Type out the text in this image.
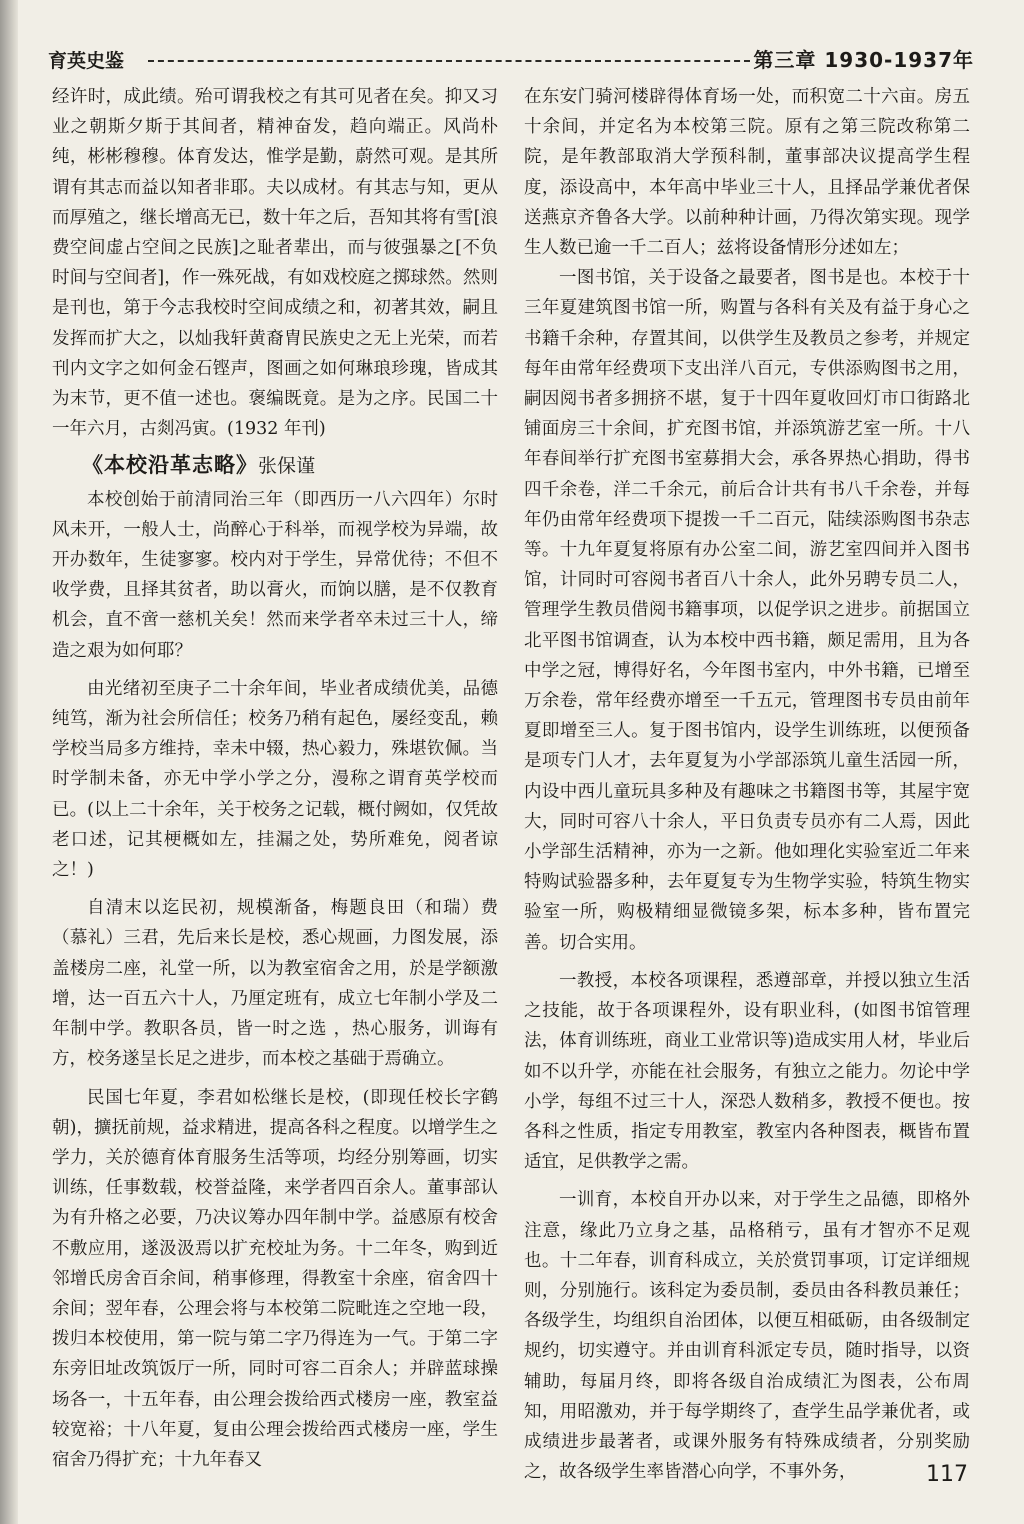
育英史鉴	第三章 1930-1937年

经许时，成此绩。殆可谓我校之有其可见者在矣。抑又习业之朝斯夕斯于其间者，精神奋发，趋向端正。风尚朴纯，彬彬穆穆。体育发达，惟学是勤，蔚然可观。是其所谓有其志而益以知者非耶。夫以成材。有其志与知，更从而厚殖之，继长增高无已，数十年之后，吾知其将有雪[浪费空间虚占空间之民族]之耻者辈出，而与彼强暴之[不负时间与空间者]，作一殊死战，有如戏校庭之掷球然。然则是刊也，第于今志我校时空间成绩之和，初著其效，嗣且发挥而扩大之，以灿我轩黄裔胄民族史之无上光荣，而若刊内文字之如何金石铿声，图画之如何琳琅珍瑰，皆成其为末节，更不值一述也。褒编既竟。是为之序。民国二十一年六月，古剡冯寅。(1932 年刊)

《本校沿革志略》张保谨

本校创始于前清同治三年（即西历一八六四年）尔时风未开，一般人士，尚醉心于科举，而视学校为异端，故开办数年，生徒寥寥。校内对于学生，异常优待；不但不收学费，且择其贫者，助以膏火，而饷以膳，是不仅教育机会，直不啻一慈机关矣！然而来学者卒未过三十人，缔造之艰为如何耶？

由光绪初至庚子二十余年间，毕业者成绩优美，品德纯笃，渐为社会所信任；校务乃稍有起色，屡经变乱，赖学校当局多方维持，幸未中辍，热心毅力，殊堪钦佩。当时学制未备，亦无中学小学之分，漫称之谓育英学校而已。(以上二十余年，关于校务之记载，概付阙如，仅凭故老口述，记其梗概如左，挂漏之处，势所难免，阅者谅之！)

自清末以迄民初，规模渐备，梅题良田（和瑞）费（慕礼）三君，先后来长是校，悉心规画，力图发展，添盖楼房二座，礼堂一所，以为教室宿舍之用，於是学额激增，达一百五六十人，乃厘定班有，成立七年制小学及二年制中学。教职各员，皆一时之选 ，热心服务，训诲有方，校务遂呈长足之进步，而本校之基础于焉确立。

民国七年夏，李君如松继长是校，(即现任校长字鹤朝)，擴抚前规，益求精进，提高各科之程度。以增学生之学力，关於德育体育服务生活等项，均经分别筹画，切实训练，任事数载，校誉益隆，来学者四百余人。董事部认为有升格之必要，乃决议筹办四年制中学。益感原有校舍不敷应用，遂汲汲焉以扩充校址为务。十二年冬，购到近邻增氏房舍百余间，稍事修理，得教室十余座，宿舍四十余间；翌年春，公理会将与本校第二院毗连之空地一段，拨归本校使用，第一院与第二字乃得连为一气。于第二字东旁旧址改筑饭厅一所，同时可容二百余人；并辟蓝球操场各一，十五年春，由公理会拨给西式楼房一座，教室益较宽裕；十八年夏，复由公理会拨给西式楼房一座，学生宿舍乃得扩充；十九年春又

在东安门骑河楼辟得体育场一处，而积宽二十六亩。房五十余间，并定名为本校第三院。原有之第三院改称第二院，是年教部取消大学预科制，董事部决议提高学生程度，添设高中，本年高中毕业三十人，且择品学兼优者保送燕京齐鲁各大学。以前种种计画，乃得次第实现。现学生人数已逾一千二百人；兹将设备情形分述如左；

一图书馆，关于设备之最要者，图书是也。本校于十三年夏建筑图书馆一所，购置与各科有关及有益于身心之书籍千余种，存置其间，以供学生及教员之参考，并规定每年由常年经费项下支出洋八百元，专供添购图书之用，嗣因阅书者多拥挤不堪，复于十四年夏收回灯市口街路北铺面房三十余间，扩充图书馆，并添筑游艺室一所。十八年春间举行扩充图书室募捐大会，承各界热心捐助，得书四千余卷，洋二千余元，前后合计共有书八千余卷，并每年仍由常年经费项下提拨一千二百元，陆续添购图书杂志等。十九年夏复将原有办公室二间，游艺室四间并入图书馆，计同时可容阅书者百八十余人，此外另聘专员二人，管理学生教员借阅书籍事项，以促学识之进步。前据国立北平图书馆调查，认为本校中西书籍，颇足需用，且为各中学之冠，博得好名，今年图书室内，中外书籍，已增至万余卷，常年经费亦增至一千五元，管理图书专员由前年夏即增至三人。复于图书馆内，设学生训练班，以便预备是项专门人才，去年夏复为小学部添筑儿童生活园一所，内设中西儿童玩具多种及有趣味之书籍图书等，其屋宇宽大，同时可容八十余人，平日负责专员亦有二人焉，因此小学部生活精神，亦为一之新。他如理化实验室近二年来特购试验器多种，去年夏复专为生物学实验，特筑生物实验室一所，购极精细显微镜多架，标本多种，皆布置完善。切合实用。

一教授，本校各项课程，悉遵部章，并授以独立生活之技能，故于各项课程外，设有职业科，(如图书馆管理法，体育训练班，商业工业常识等)造成实用人材，毕业后如不以升学，亦能在社会服务，有独立之能力。勿论中学小学，每组不过三十人，深恐人数稍多，教授不便也。按各科之性质，指定专用教室，教室内各种图表，概皆布置适宜，足供教学之需。

一训育，本校自开办以来，对于学生之品德，即格外注意，缘此乃立身之基，品格稍亏，虽有才智亦不足观也。十二年春，训育科成立，关於赏罚事项，订定详细规则，分别施行。该科定为委员制，委员由各科教员兼任；各级学生，均组织自治团体，以便互相砥砺，由各级制定规约，切实遵守。并由训育科派定专员，随时指导，以资辅助，每届月终，即将各级自治成绩汇为图表，公布周知，用昭激劝，并于每学期终了，查学生品学兼优者，或成绩进步最著者，或课外服务有特殊成绩者，分别奖励之，故各级学生率皆潜心向学，不事外务，	117
